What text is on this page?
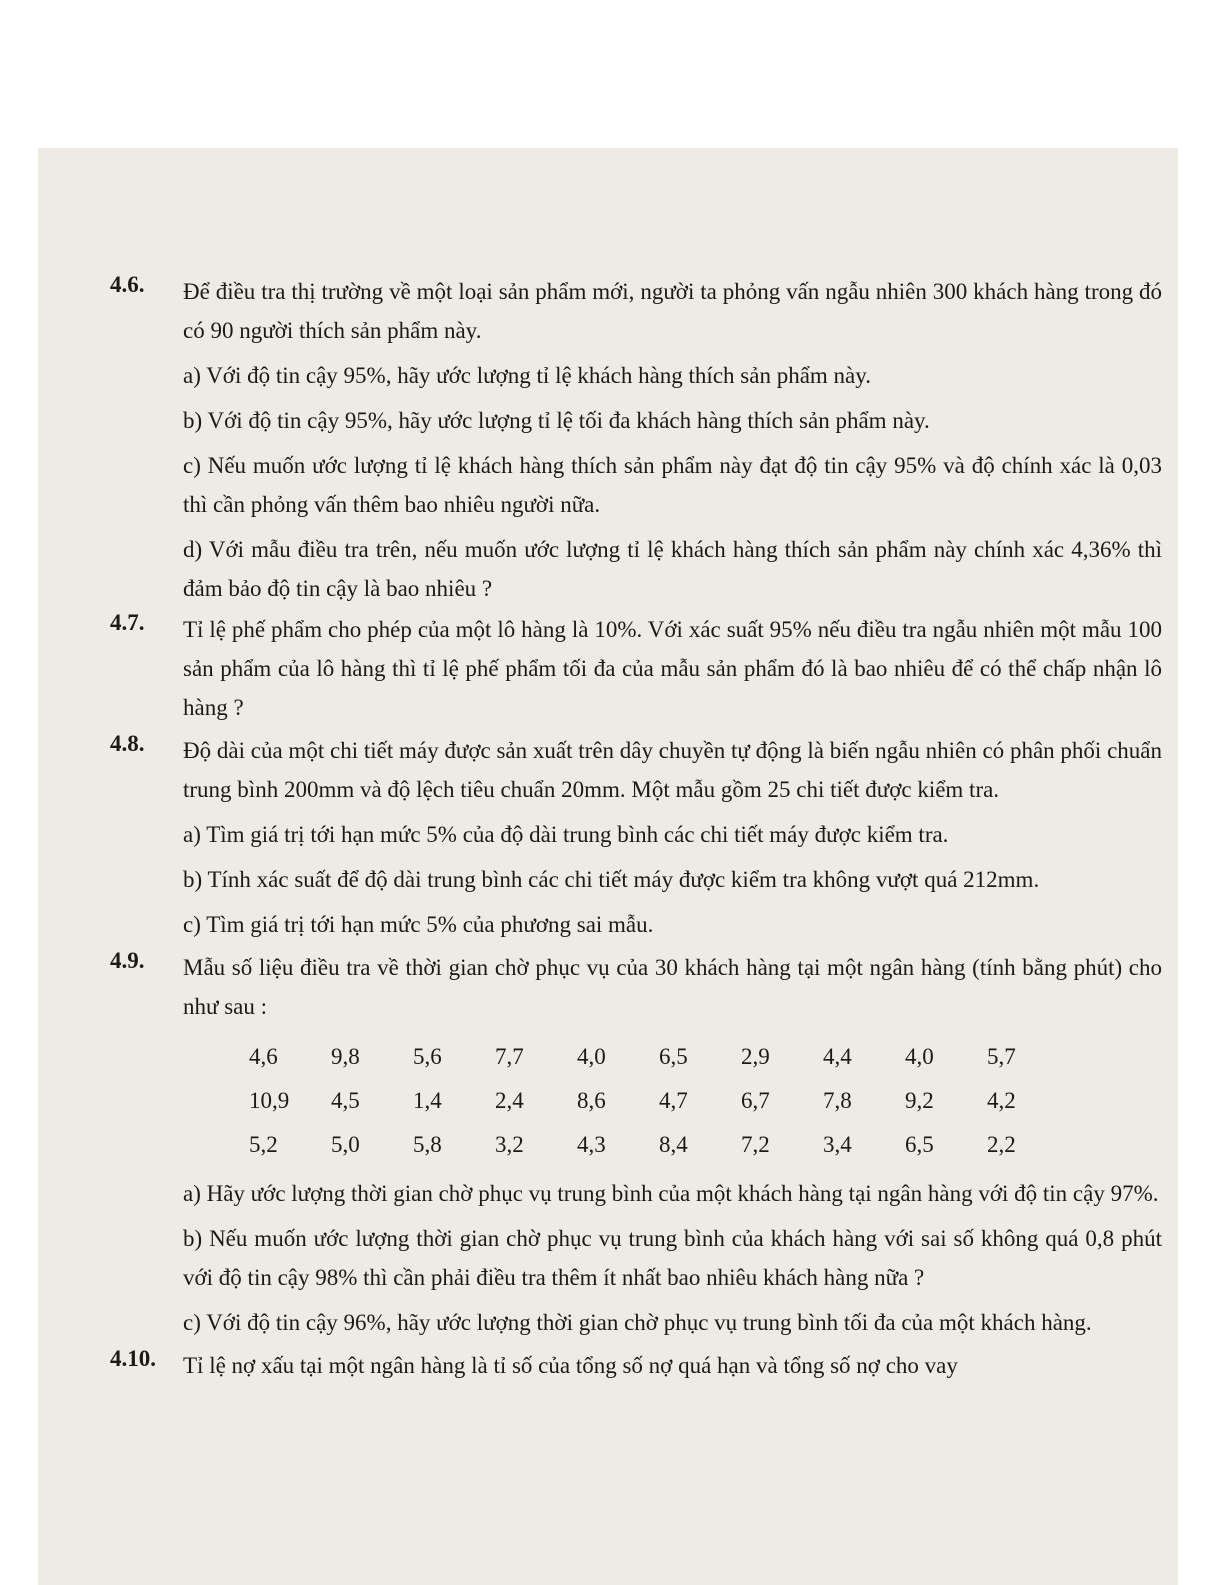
4.6. Để điều tra thị trường về một loại sản phẩm mới, người ta phỏng vấn ngẫu nhiên 300 khách hàng trong đó có 90 người thích sản phẩm này.

a) Với độ tin cậy 95%, hãy ước lượng tỉ lệ khách hàng thích sản phẩm này.

b) Với độ tin cậy 95%, hãy ước lượng tỉ lệ tối đa khách hàng thích sản phẩm này.

c) Nếu muốn ước lượng tỉ lệ khách hàng thích sản phẩm này đạt độ tin cậy 95% và độ chính xác là 0,03 thì cần phỏng vấn thêm bao nhiêu người nữa.

d) Với mẫu điều tra trên, nếu muốn ước lượng tỉ lệ khách hàng thích sản phẩm này chính xác 4,36% thì đảm bảo độ tin cậy là bao nhiêu ?

4.7. Tỉ lệ phế phẩm cho phép của một lô hàng là 10%. Với xác suất 95% nếu điều tra ngẫu nhiên một mẫu 100 sản phẩm của lô hàng thì tỉ lệ phế phẩm tối đa của mẫu sản phẩm đó là bao nhiêu để có thể chấp nhận lô hàng ?

4.8. Độ dài của một chi tiết máy được sản xuất trên dây chuyền tự động là biến ngẫu nhiên có phân phối chuẩn trung bình 200mm và độ lệch tiêu chuẩn 20mm. Một mẫu gồm 25 chi tiết được kiểm tra.

a) Tìm giá trị tới hạn mức 5% của độ dài trung bình các chi tiết máy được kiểm tra.

b) Tính xác suất để độ dài trung bình các chi tiết máy được kiểm tra không vượt quá 212mm.

c) Tìm giá trị tới hạn mức 5% của phương sai mẫu.

4.9. Mẫu số liệu điều tra về thời gian chờ phục vụ của 30 khách hàng tại một ngân hàng (tính bằng phút) cho như sau :

4,6	9,8	5,6	7,7	4,0	6,5	2,9	4,4	4,0	5,7
10,9	4,5	1,4	2,4	8,6	4,7	6,7	7,8	9,2	4,2
5,2	5,0	5,8	3,2	4,3	8,4	7,2	3,4	6,5	2,2

a) Hãy ước lượng thời gian chờ phục vụ trung bình của một khách hàng tại ngân hàng với độ tin cậy 97%.

b) Nếu muốn ước lượng thời gian chờ phục vụ trung bình của khách hàng với sai số không quá 0,8 phút với độ tin cậy 98% thì cần phải điều tra thêm ít nhất bao nhiêu khách hàng nữa ?

c) Với độ tin cậy 96%, hãy ước lượng thời gian chờ phục vụ trung bình tối đa của một khách hàng.

4.10. Tỉ lệ nợ xấu tại một ngân hàng là tỉ số của tổng số nợ quá hạn và tổng số nợ cho vay
